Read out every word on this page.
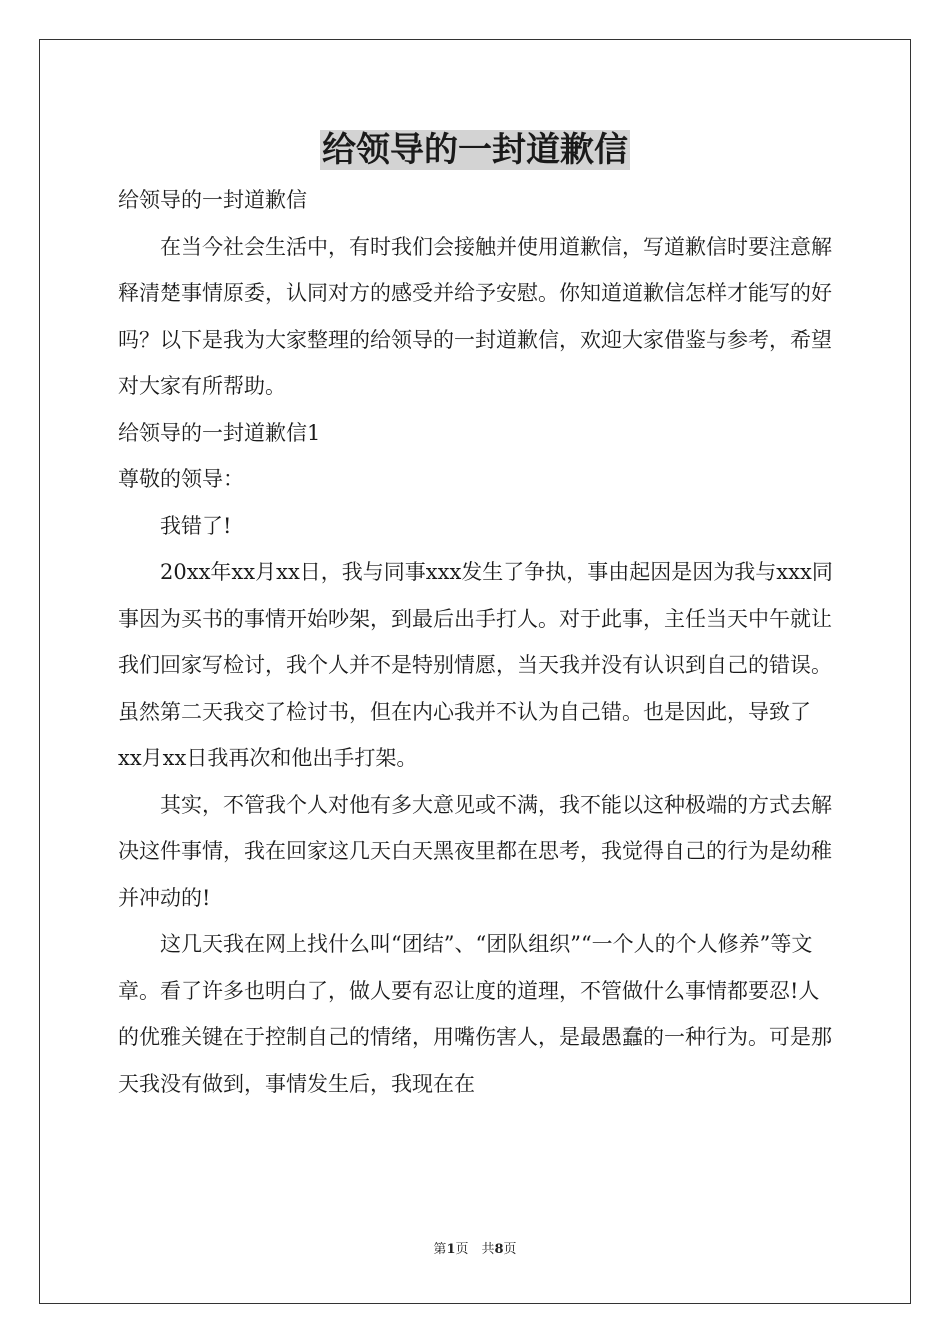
给领导的一封道歉信

给领导的一封道歉信

在当今社会生活中，有时我们会接触并使用道歉信，写道歉信时要注意解释清楚事情原委，认同对方的感受并给予安慰。你知道道歉信怎样才能写的好吗？以下是我为大家整理的给领导的一封道歉信，欢迎大家借鉴与参考，希望对大家有所帮助。

给领导的一封道歉信1

尊敬的领导：

我错了!

20xx年xx月xx日，我与同事xxx发生了争执，事由起因是因为我与xxx同事因为买书的事情开始吵架，到最后出手打人。对于此事，主任当天中午就让我们回家写检讨，我个人并不是特别情愿，当天我并没有认识到自己的错误。虽然第二天我交了检讨书，但在内心我并不认为自己错。也是因此，导致了xx月xx日我再次和他出手打架。

其实，不管我个人对他有多大意见或不满，我不能以这种极端的方式去解决这件事情，我在回家这几天白天黑夜里都在思考，我觉得自己的行为是幼稚并冲动的!

这几天我在网上找什么叫“团结”、“团队组织”“一个人的个人修养”等文章。看了许多也明白了，做人要有忍让度的道理，不管做什么事情都要忍!人的优雅关键在于控制自己的情绪，用嘴伤害人，是最愚蠢的一种行为。可是那天我没有做到，事情发生后，我现在在

第1页　共8页
